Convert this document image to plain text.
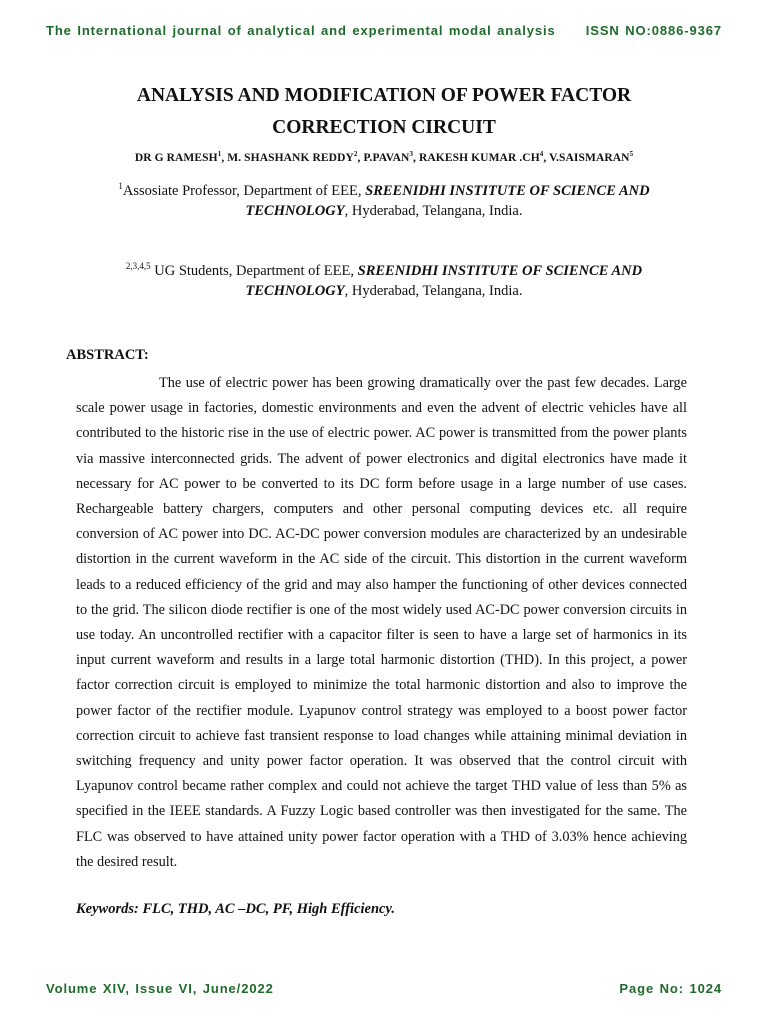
The International journal of analytical and experimental modal analysis ISSN NO:0886-9367
ANALYSIS AND MODIFICATION OF POWER FACTOR
CORRECTION CIRCUIT
DR G RAMESH$^1$, M. SHASHANK REDDY$^2$, P.PAVAN$^3$, RAKESH KUMAR $.CH^4$, V.SAISMARAN$^5$
$^1$Assosiate Professor, Department of EEE, SREENIDHI INSTITUTE OF SCIENCE AND
TECHNOLOGY, Hyderabad, Telangana, India.
$^{2,3,4,5}$ UG Students, Department of EEE, SREENIDHI INSTITUTE OF SCIENCE AND
TECHNOLOGY, Hyderabad, Telangana, India.
ABSTRACT:

The use of electric power has been growing dramatically over the past few decades. Large scale power usage in factories, domestic environments and even the advent of electric vehicles have all contributed to the historic rise in the use of electric power. AC power is transmitted from the power plants via massive interconnected grids. The advent of power electronics and digital electronics have made it necessary for AC power to be converted to its DC form before usage in a large number of use cases. Rechargeable battery chargers, computers and other personal computing devices etc. all require conversion of AC power into DC. AC-DC power conversion modules are characterized by an undesirable distortion in the current waveform in the AC side of the circuit. This distortion in the current waveform leads to a reduced efficiency of the grid and may also hamper the functioning of other devices connected to the grid. The silicon diode rectifier is one of the most widely used AC-DC power conversion circuits in use today. An uncontrolled rectifier with a capacitor filter is seen to have a large set of harmonics in its input current waveform and results in a large total harmonic distortion (THD). In this project, a power factor correction circuit is employed to minimize the total harmonic distortion and also to improve the power factor of the rectifier module. Lyapunov control strategy was employed to a boost power factor correction circuit to achieve fast transient response to load changes while attaining minimal deviation in switching frequency and unity power factor operation. It was observed that the control circuit with Lyapunov control became rather complex and could not achieve the target THD value of less than 5% as specified in the IEEE standards. A Fuzzy Logic based controller was then investigated for the same. The FLC was observed to have attained unity power factor operation with a THD of 3.03% hence achieving the desired result.

Keywords: FLC, THD, AC –DC, PF, High Efficiency.
Volume XIV, Issue VI, June/2022	Page No: 1024
